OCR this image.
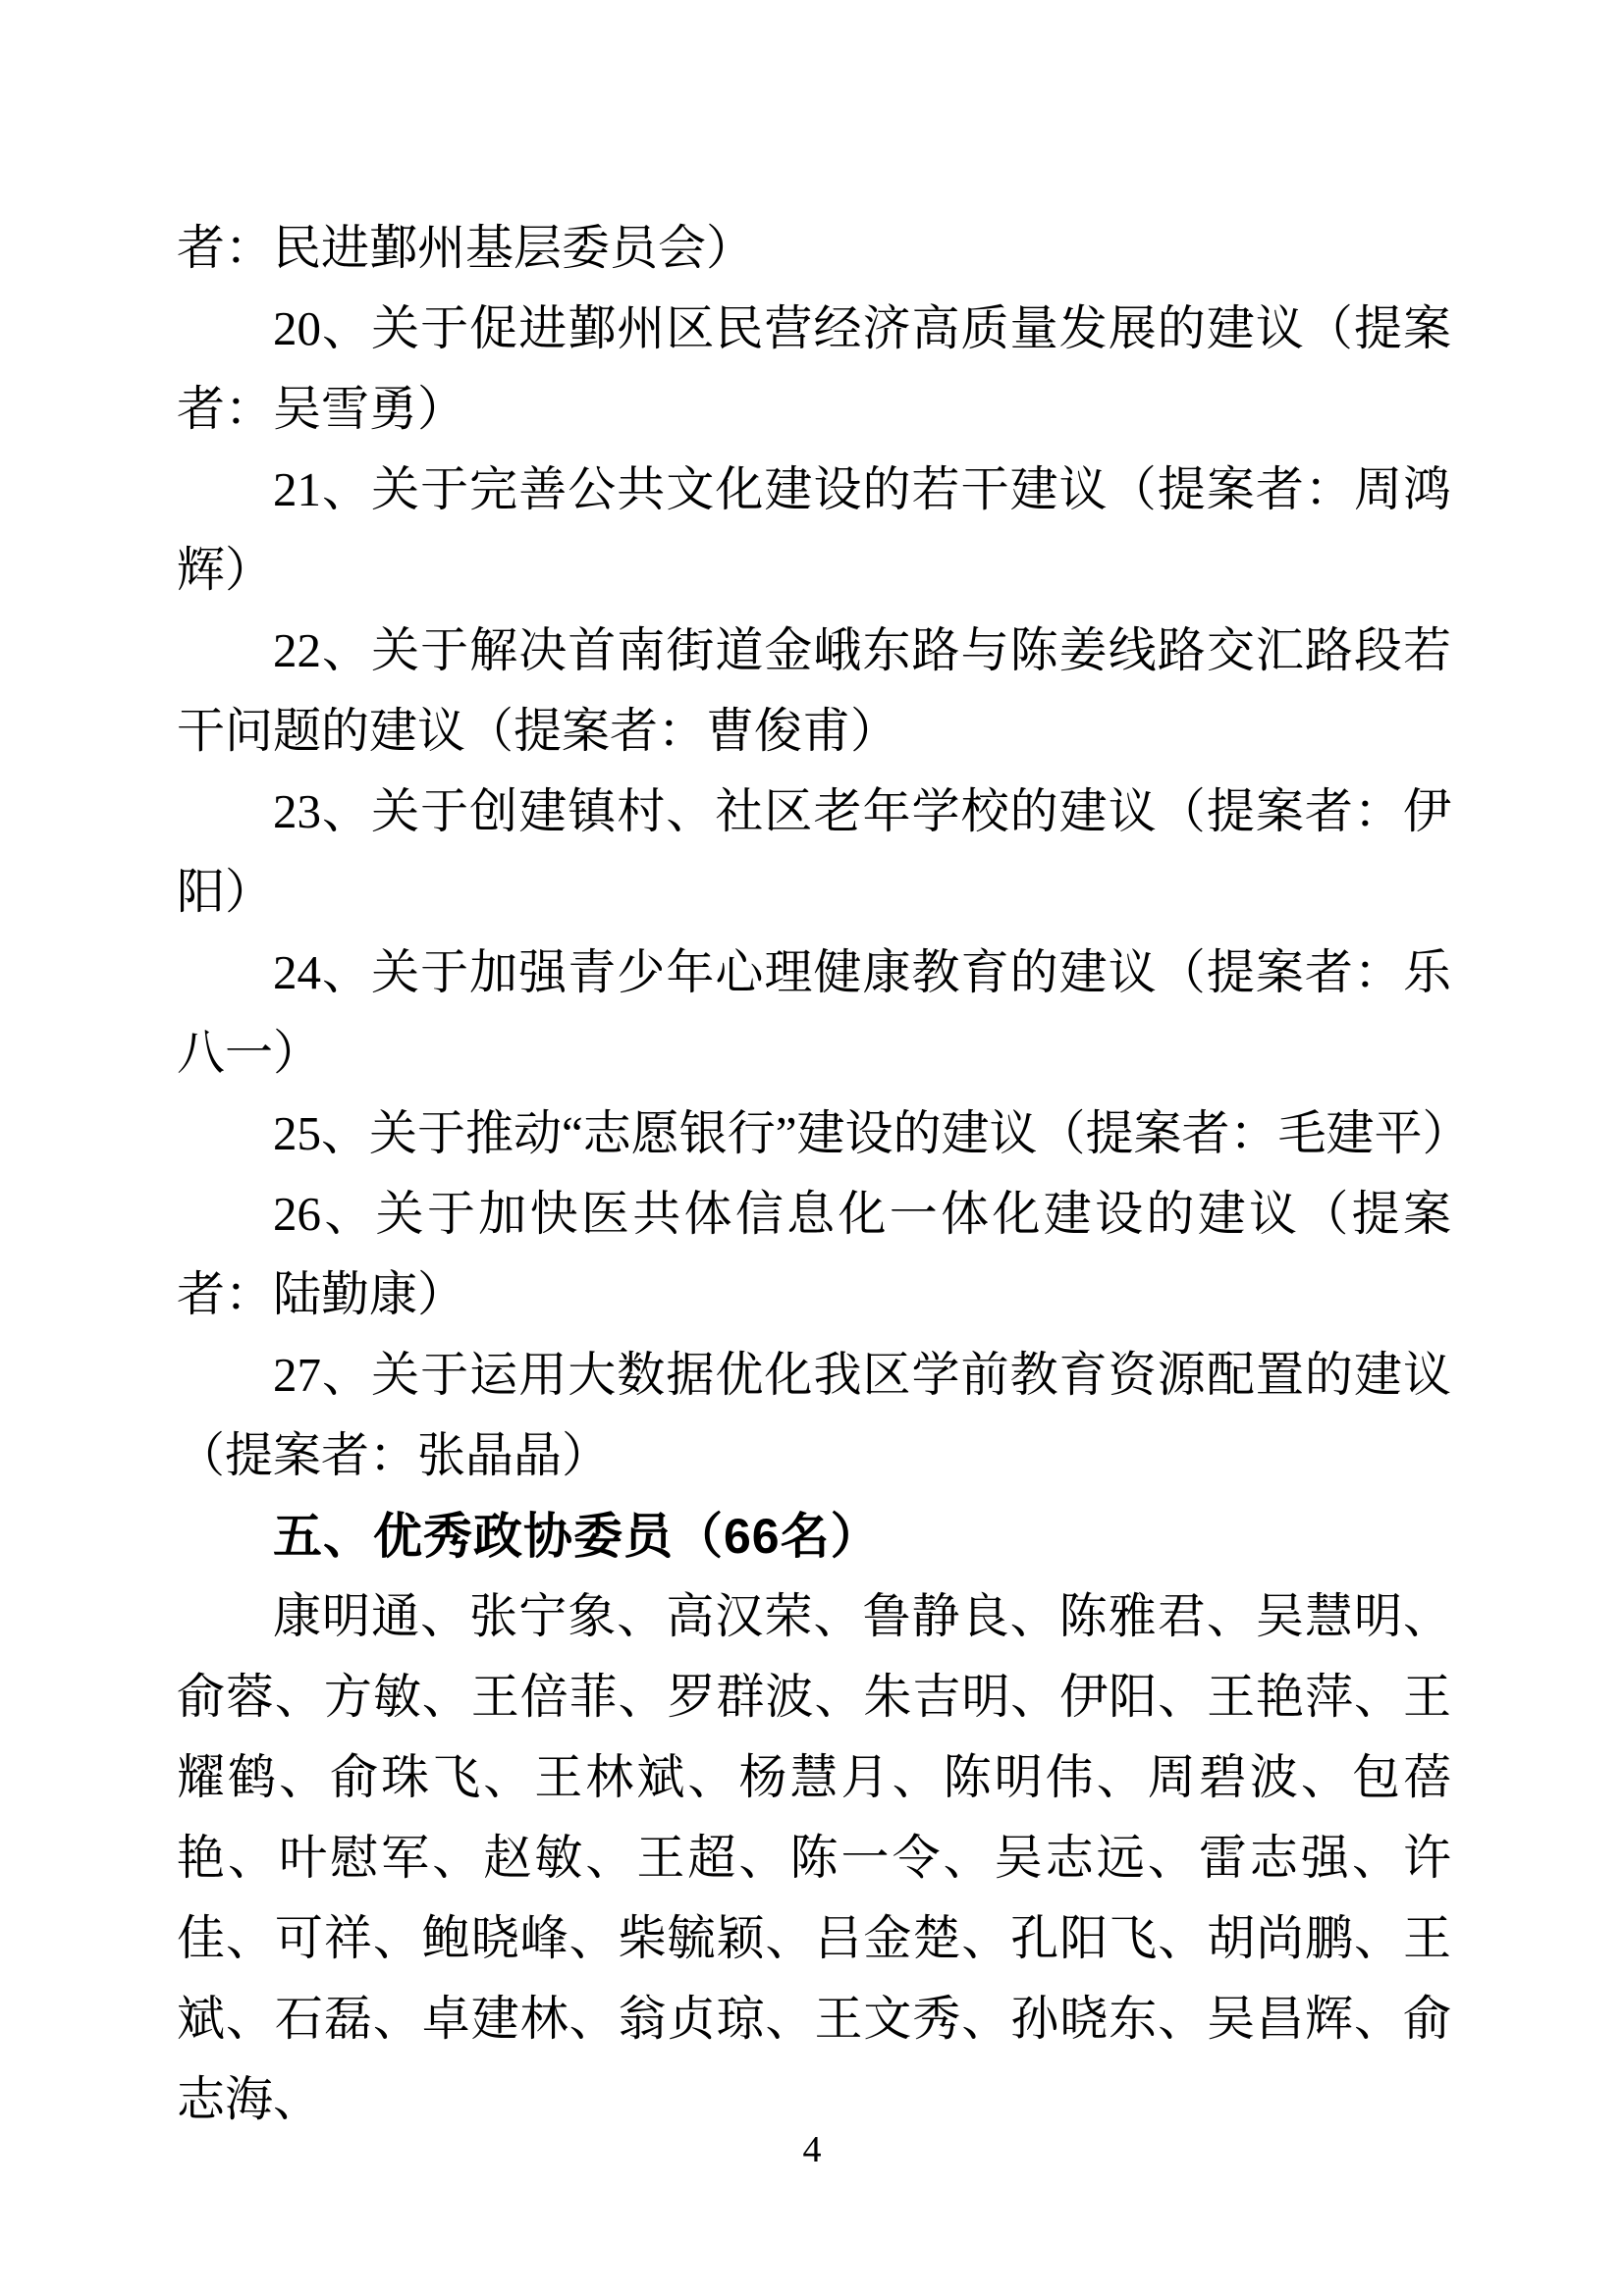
者：民进鄞州基层委员会）

20、关于促进鄞州区民营经济高质量发展的建议（提案者：吴雪勇）

21、关于完善公共文化建设的若干建议（提案者：周鸿辉）

22、关于解决首南街道金峨东路与陈姜线路交汇路段若干问题的建议（提案者：曹俊甫）

23、关于创建镇村、社区老年学校的建议（提案者：伊阳）

24、关于加强青少年心理健康教育的建议（提案者：乐八一）

25、关于推动“志愿银行”建设的建议（提案者：毛建平）

26、关于加快医共体信息化一体化建设的建议（提案者：陆勤康）

27、关于运用大数据优化我区学前教育资源配置的建议（提案者：张晶晶）

五、优秀政协委员（66名）

康明通、张宁象、高汉荣、鲁静良、陈雅君、吴慧明、俞蓉、方敏、王倍菲、罗群波、朱吉明、伊阳、王艳萍、王耀鹤、俞珠飞、王林斌、杨慧月、陈明伟、周碧波、包蓓艳、叶慰军、赵敏、王超、陈一令、吴志远、雷志强、许佳、可祥、鲍晓峰、柴毓颖、吕金楚、孔阳飞、胡尚鹏、王斌、石磊、卓建林、翁贞琼、王文秀、孙晓东、吴昌辉、俞志海、

4
